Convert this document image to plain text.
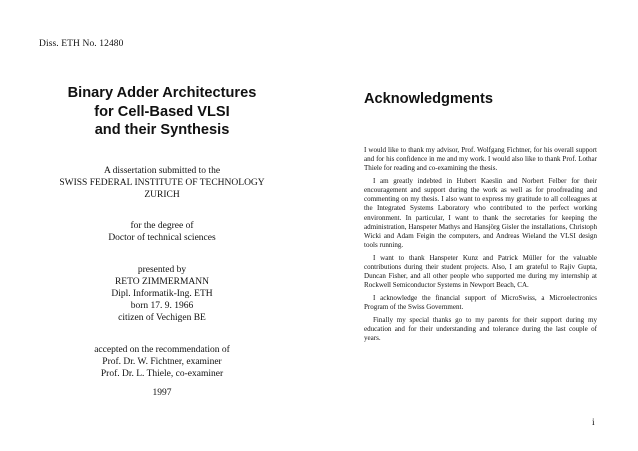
Diss. ETH No. 12480
Binary Adder Architectures
for Cell-Based VLSI
and their Synthesis
A dissertation submitted to the
SWISS FEDERAL INSTITUTE OF TECHNOLOGY
ZURICH
for the degree of
Doctor of technical sciences
presented by
RETO ZIMMERMANN
Dipl. Informatik-Ing. ETH
born 17. 9. 1966
citizen of Vechigen BE
accepted on the recommendation of
Prof. Dr. W. Fichtner, examiner
Prof. Dr. L. Thiele, co-examiner
1997
Acknowledgments

I would like to thank my advisor, Prof. Wolfgang Fichtner, for his overall support and for his confidence in me and my work. I would also like to thank Prof. Lothar Thiele for reading and co-examining the thesis.

I am greatly indebted in Hubert Kaeslin and Norbert Felber for their encouragement and support during the work as well as for proofreading and commenting on my thesis. I also want to express my gratitude to all colleagues at the Integrated Systems Laboratory who contributed to the perfect working environment. In particular, I want to thank the secretaries for keeping the administration, Hanspeter Mathys and Hansjörg Gisler the installations, Christoph Wicki and Adam Feigin the computers, and Andreas Wieland the VLSI design tools running.

I want to thank Hanspeter Kunz and Patrick Müller for the valuable contributions during their student projects. Also, I am grateful to Rajiv Gupta, Duncan Fisher, and all other people who supported me during my internship at Rockwell Semiconductor Systems in Newport Beach, CA.

I acknowledge the financial support of MicroSwiss, a Microelectronics Program of the Swiss Government.

Finally my special thanks go to my parents for their support during my education and for their understanding and tolerance during the last couple of years.

i
